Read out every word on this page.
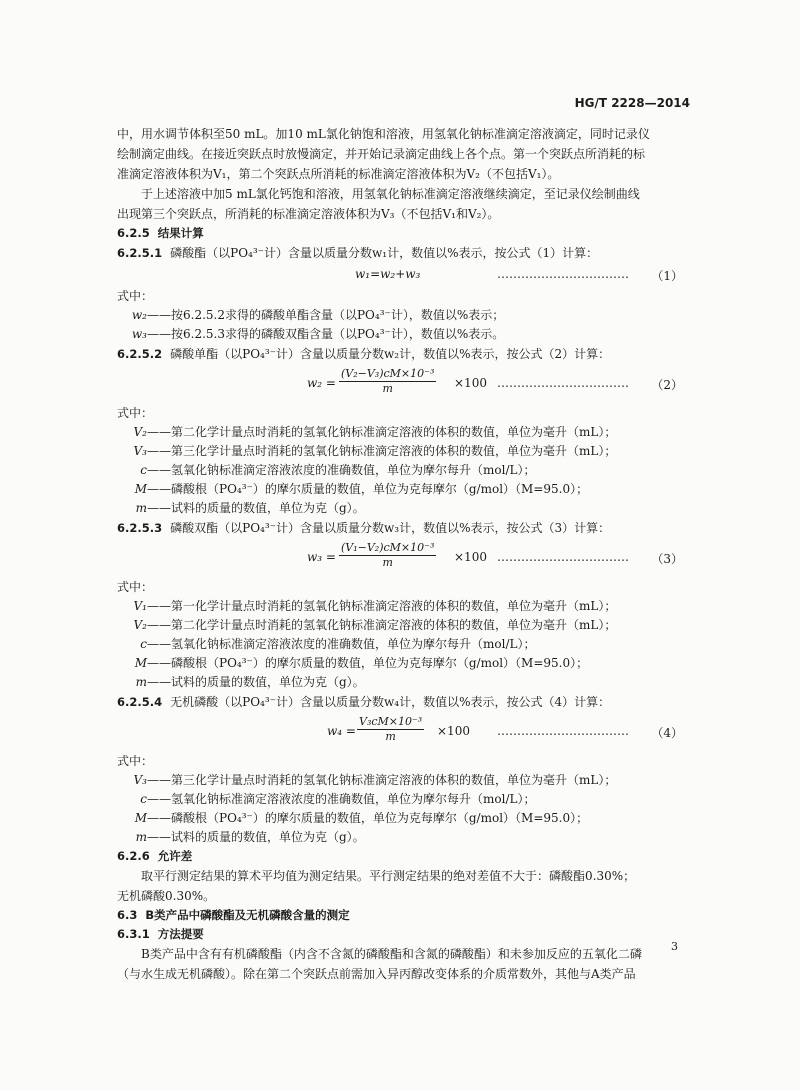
HG/T 2228—2014

中，用水调节体积至50 mL。加10 mL氯化钠饱和溶液，用氢氧化钠标准滴定溶液滴定，同时记录仪

绘制滴定曲线。在接近突跃点时放慢滴定，并开始记录滴定曲线上各个点。第一个突跃点所消耗的标

准滴定溶液体积为V₁，第二个突跃点所消耗的标准滴定溶液体积为V₂（不包括V₁）。

于上述溶液中加5 mL氯化钙饱和溶液，用氢氧化钠标准滴定溶液继续滴定，至记录仪绘制曲线

出现第三个突跃点，所消耗的标准滴定溶液体积为V₃（不包括V₁和V₂）。

6.2.5 结果计算

6.2.5.1 磷酸酯（以PO₄³⁻计）含量以质量分数w₁计，数值以%表示，按公式（1）计算：

w₁=w₂+w₃	…………………………… （1）

式中：

w₂——按6.2.5.2求得的磷酸单酯含量（以PO₄³⁻计），数值以%表示；

w₃——按6.2.5.3求得的磷酸双酯含量（以PO₄³⁻计），数值以%表示。

6.2.5.2 磷酸单酯（以PO₄³⁻计）含量以质量分数w₂计，数值以%表示，按公式（2）计算：

$w_2 = \frac{\text{(V₂−V₃)cM×10⁻³}}{m} \times 100$ …………………………… （2）

式中：

V₂——第二化学计量点时消耗的氢氧化钠标准滴定溶液的体积的数值，单位为毫升（mL）；

V₃——第三化学计量点时消耗的氢氧化钠标准滴定溶液的体积的数值，单位为毫升（mL）；

c——氢氧化钠标准滴定溶液浓度的准确数值，单位为摩尔每升（mol/L）；

M——磷酸根（PO₄³⁻）的摩尔质量的数值，单位为克每摩尔（g/mol）（M=95.0）；

m——试料的质量的数值，单位为克（g）。

6.2.5.3 磷酸双酯（以PO₄³⁻计）含量以质量分数w₃计，数值以%表示，按公式（3）计算：

$w_3 = \frac{\text{(V₁−V₂)cM×10⁻³}}{m} \times 100$ …………………………… （3）

式中：

V₁——第一化学计量点时消耗的氢氧化钠标准滴定溶液的体积的数值，单位为毫升（mL）；

V₂——第二化学计量点时消耗的氢氧化钠标准滴定溶液的体积的数值，单位为毫升（mL）；

c——氢氧化钠标准滴定溶液浓度的准确数值，单位为摩尔每升（mol/L）；

M——磷酸根（PO₄³⁻）的摩尔质量的数值，单位为克每摩尔（g/mol）（M=95.0）；

m——试料的质量的数值，单位为克（g）。

6.2.5.4 无机磷酸（以PO₄³⁻计）含量以质量分数w₄计，数值以%表示，按公式（4）计算：

$w_4 = \frac{\text{V₃cM×10⁻³}}{m} \times 100$ …………………………… （4）

式中：

V₃——第三化学计量点时消耗的氢氧化钠标准滴定溶液的体积的数值，单位为毫升（mL）；

c——氢氧化钠标准滴定溶液浓度的准确数值，单位为摩尔每升（mol/L）；

M——磷酸根（PO₄³⁻）的摩尔质量的数值，单位为克每摩尔（g/mol）（M=95.0）；

m——试料的质量的数值，单位为克（g）。

6.2.6 允许差

取平行测定结果的算术平均值为测定结果。平行测定结果的绝对差值不大于：磷酸酯0.30%；

无机磷酸0.30%。

6.3 B类产品中磷酸酯及无机磷酸含量的测定
6.3.1 方法提要

B类产品中含有有机磷酸酯（内含不含氮的磷酸酯和含氮的磷酸酯）和未参加反应的五氧化二磷

（与水生成无机磷酸）。除在第二个突跃点前需加入异丙醇改变体系的介质常数外，其他与A类产品

3
